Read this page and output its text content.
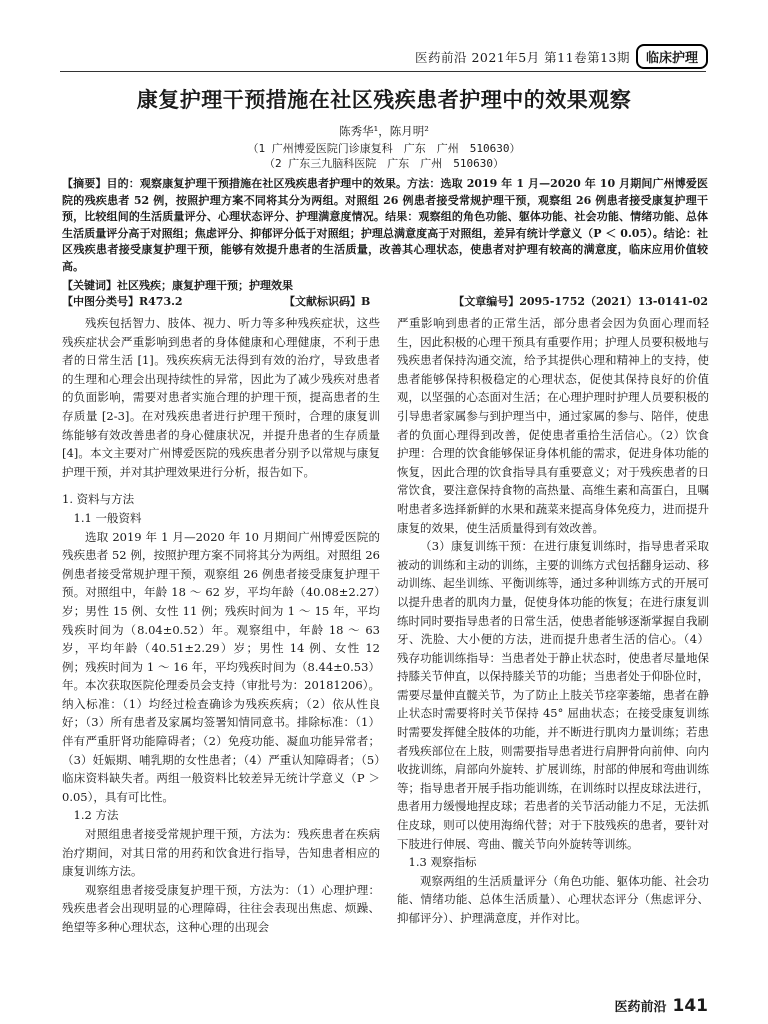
医药前沿 2021年5月 第11卷第13期	临床护理
康复护理干预措施在社区残疾患者护理中的效果观察
陈秀华¹，陈月明²
（1 广州博爱医院门诊康复科　广东　广州　510630）
（2 广东三九脑科医院　广东　广州　510630）
【摘要】目的：观察康复护理干预措施在社区残疾患者护理中的效果。方法：选取 2019 年 1 月—2020 年 10 月期间广州博爱医院的残疾患者 52 例，按照护理方案不同将其分为两组。对照组 26 例患者接受常规护理干预，观察组 26 例患者接受康复护理干预，比较组间的生活质量评分、心理状态评分、护理满意度情况。结果：观察组的角色功能、躯体功能、社会功能、情绪功能、总体生活质量评分高于对照组；焦虑评分、抑郁评分低于对照组；护理总满意度高于对照组，差异有统计学意义（P ＜ 0.05）。结论：社区残疾患者接受康复护理干预，能够有效提升患者的生活质量，改善其心理状态，使患者对护理有较高的满意度，临床应用价值较高。
【关键词】社区残疾；康复护理干预；护理效果
【中图分类号】R473.2	【文献标识码】B	【文章编号】2095-1752（2021）13-0141-02

残疾包括智力、肢体、视力、听力等多种残疾症状，这些残疾症状会严重影响到患者的身体健康和心理健康，不利于患者的日常生活 [1]。残疾疾病无法得到有效的治疗，导致患者的生理和心理会出现持续性的异常，因此为了减少残疾对患者的负面影响，需要对患者实施合理的护理干预，提高患者的生存质量 [2-3]。在对残疾患者进行护理干预时，合理的康复训练能够有效改善患者的身心健康状况，并提升患者的生存质量 [4]。本文主要对广州博爱医院的残疾患者分别予以常规与康复护理干预，并对其护理效果进行分析，报告如下。

1. 资料与方法

1.1 一般资料

选取 2019 年 1 月—2020 年 10 月期间广州博爱医院的残疾患者 52 例，按照护理方案不同将其分为两组。对照组 26 例患者接受常规护理干预，观察组 26 例患者接受康复护理干预。对照组中，年龄 18 ～ 62 岁，平均年龄（40.08±2.27）岁；男性 15 例、女性 11 例；残疾时间为 1 ～ 15 年，平均残疾时间为（8.04±0.52）年。观察组中，年龄 18 ～ 63 岁，平均年龄（40.51±2.29）岁；男性 14 例、女性 12 例；残疾时间为 1 ～ 16 年，平均残疾时间为（8.44±0.53）年。本次获取医院伦理委员会支持（审批号为：20181206）。纳入标准：（1）均经过检查确诊为残疾疾病；（2）依从性良好；（3）所有患者及家属均签署知情同意书。排除标准：（1）伴有严重肝肾功能障碍者；（2）免疫功能、凝血功能异常者；（3）妊娠期、哺乳期的女性患者；（4）严重认知障碍者；（5）临床资料缺失者。两组一般资料比较差异无统计学意义（P ＞ 0.05），具有可比性。

1.2 方法

对照组患者接受常规护理干预，方法为：残疾患者在疾病治疗期间，对其日常的用药和饮食进行指导，告知患者相应的康复训练方法。

观察组患者接受康复护理干预，方法为：（1）心理护理：残疾患者会出现明显的心理障碍，往往会表现出焦虑、烦躁、绝望等多种心理状态，这种心理的出现会

严重影响到患者的正常生活，部分患者会因为负面心理而轻生，因此积极的心理干预具有重要作用；护理人员要积极地与残疾患者保持沟通交流，给予其提供心理和精神上的支持，使患者能够保持积极稳定的心理状态，促使其保持良好的价值观，以坚强的心态面对生活；在心理护理时护理人员要积极的引导患者家属参与到护理当中，通过家属的参与、陪伴，使患者的负面心理得到改善，促使患者重拾生活信心。（2）饮食护理：合理的饮食能够保证身体机能的需求，促进身体功能的恢复，因此合理的饮食指导具有重要意义；对于残疾患者的日常饮食，要注意保持食物的高热量、高维生素和高蛋白，且嘱咐患者多选择新鲜的水果和蔬菜来提高身体免疫力，进而提升康复的效果，使生活质量得到有效改善。

（3）康复训练干预：在进行康复训练时，指导患者采取被动的训练和主动的训练，主要的训练方式包括翻身运动、移动训练、起坐训练、平衡训练等，通过多种训练方式的开展可以提升患者的肌肉力量，促使身体功能的恢复；在进行康复训练时同时要指导患者的日常生活，使患者能够逐渐掌握自我刷牙、洗脸、大小便的方法，进而提升患者生活的信心。（4）残存功能训练指导：当患者处于静止状态时，使患者尽量地保持膝关节伸直，以保持膝关节的功能；当患者处于仰卧位时，需要尽量伸直髋关节，为了防止上肢关节痉挛萎缩，患者在静止状态时需要将时关节保持 45° 屈曲状态；在接受康复训练时需要发挥健全肢体的功能，并不断进行肌肉力量训练；若患者残疾部位在上肢，则需要指导患者进行肩胛骨向前伸、向内收拢训练，肩部向外旋转、扩展训练，肘部的伸展和弯曲训练等；指导患者开展手指功能训练，在训练时以捏皮球法进行，患者用力缓慢地捏皮球；若患者的关节活动能力不足，无法抓住皮球，则可以使用海绵代替；对于下肢残疾的患者，要针对下肢进行伸展、弯曲、髋关节向外旋转等训练。

1.3 观察指标

观察两组的生活质量评分（角色功能、躯体功能、社会功能、情绪功能、总体生活质量）、心理状态评分（焦虑评分、抑郁评分）、护理满意度，并作对比。

医药前沿 141
